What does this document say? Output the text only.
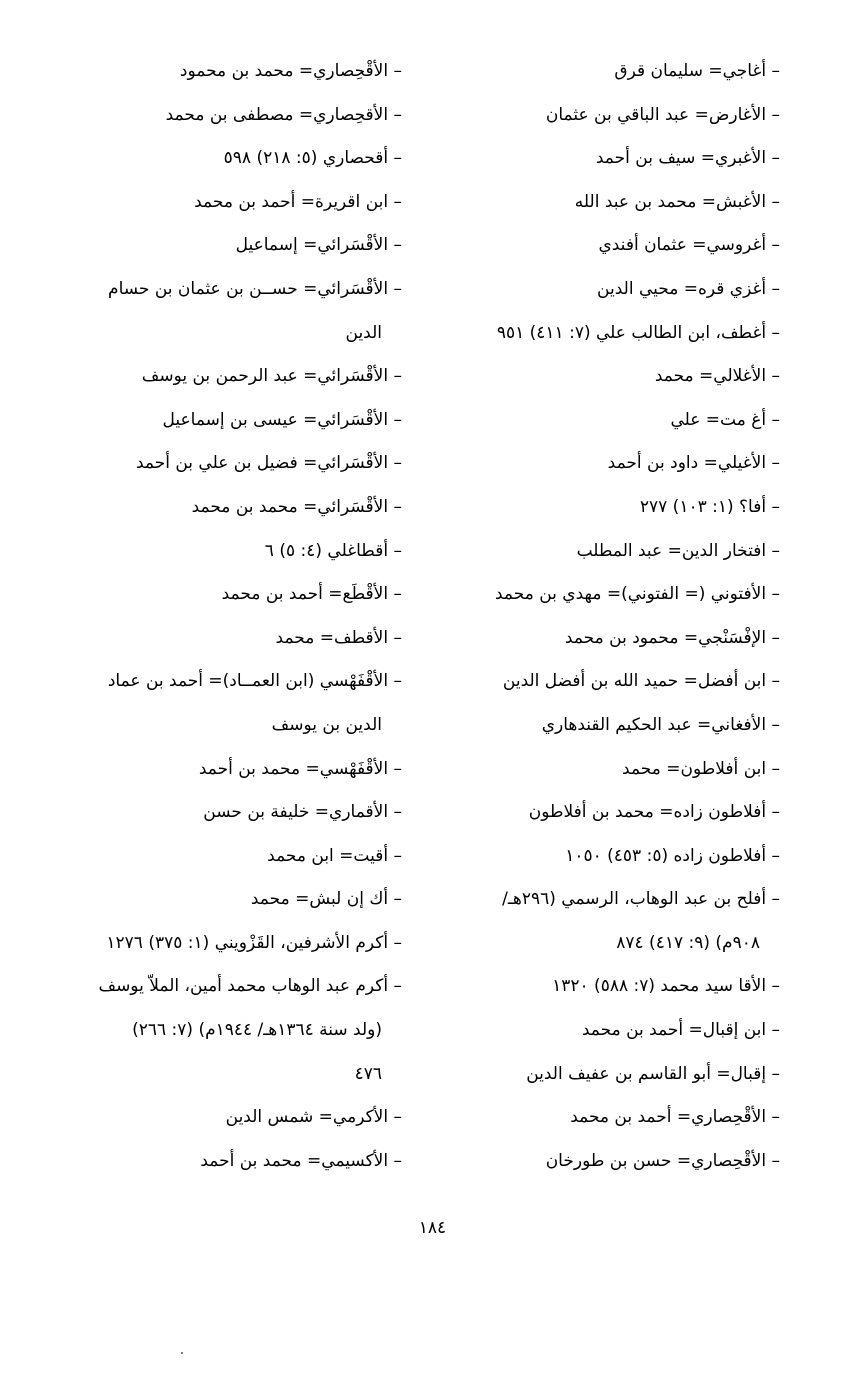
– أغاجي= سليمان قرق
– الأغارض= عبد الباقي بن عثمان
– الأغبري= سيف بن أحمد
– الأغبش= محمد بن عبد الله
– أغروسي= عثمان أفندي
– أغزي قره= محيي الدين
– أغطف، ابن الطالب علي (٧: ٤١١) ٩٥١
– الأغلالي= محمد
– أغ مت= علي
– الأغيلي= داود بن أحمد
– أفا؟ (١: ١٠٣) ٢٧٧
– افتخار الدين= عبد المطلب
– الأفتوني (= الفتوني)= مهدي بن محمد
– الإفْسَنْجي= محمود بن محمد
– ابن أفضل= حميد الله بن أفضل الدين
– الأفغاني= عبد الحكيم القندهاري
– ابن أفلاطون= محمد
– أفلاطون زاده= محمد بن أفلاطون
– أفلاطون زاده (٥: ٤٥٣) ١٠٥٠
– أفلح بن عبد الوهاب، الرسمي (٢٩٦هـ/
٩٠٨م) (٩: ٤١٧) ٨٧٤
– الأقا سيد محمد (٧: ٥٨٨) ١٣٢٠
– ابن إقبال= أحمد بن محمد
– إقبال= أبو القاسم بن عفيف الدين
– الأقْحِصاري= أحمد بن محمد
– الأقْحِصاري= حسن بن طورخان
– الأقْحِصاري= محمد بن محمود
– الأقحِصاري= مصطفى بن محمد
– أقحصاري (٥: ٢١٨) ٥٩٨
– ابن اقريرة= أحمد بن محمد
– الأقْسَرائي= إسماعيل
– الأقْسَرائي= حســن بن عثمان بن حسام
الدين
– الأقْسَرائي= عبد الرحمن بن يوسف
– الأقْسَرائي= عيسى بن إسماعيل
– الأقْسَرائي= فضيل بن علي بن أحمد
– الأقْسَرائي= محمد بن محمد
– أقطاغلي (٤: ٥) ٦
– الأقْطَع= أحمد بن محمد
– الأقطف= محمد
– الأقْفَهْسي (ابن العمــاد)= أحمد بن عماد
الدين بن يوسف
– الأقْفَهْسي= محمد بن أحمد
– الأقماري= خليفة بن حسن
– أقيت= ابن محمد
– أك إن لبش= محمد
– أكرم الأشرفين، القَزْويني (١: ٣٧٥) ١٢٧٦
– أكرم عبد الوهاب محمد أمين، الملاّ يوسف
(ولد سنة ١٣٦٤هـ/ ١٩٤٤م) (٧: ٢٦٦)
٤٧٦
– الأكرمي= شمس الدين
– الأكسيمي= محمد بن أحمد
١٨٤
